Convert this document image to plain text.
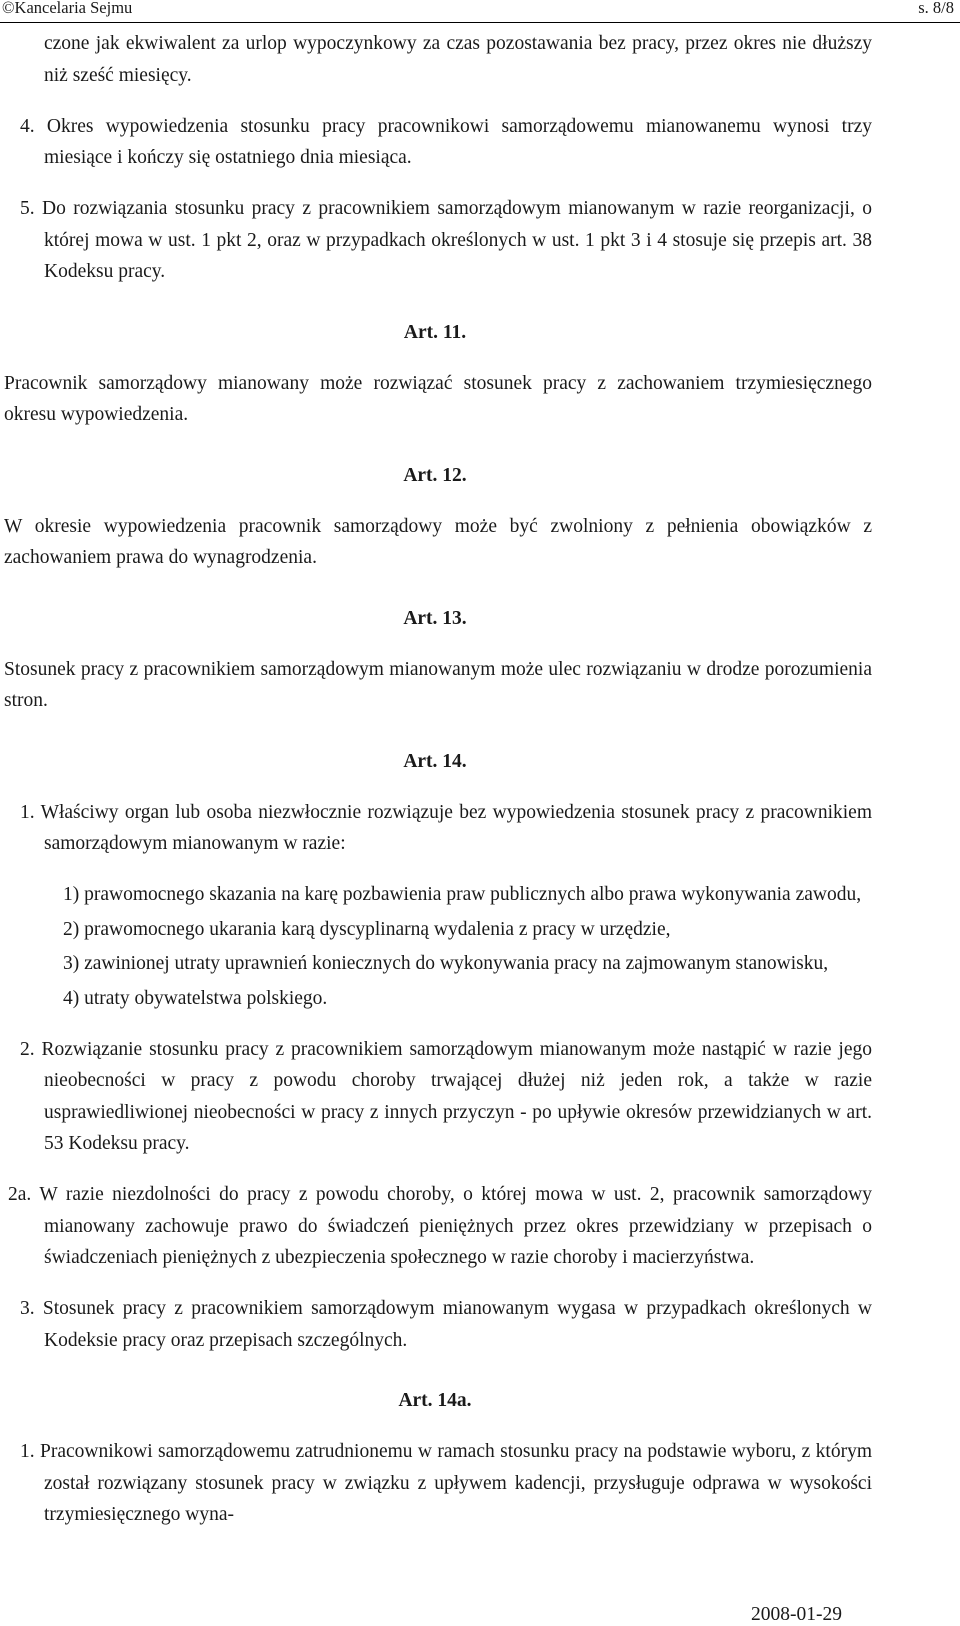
©Kancelaria Sejmu	s. 8/8

czone jak ekwiwalent za urlop wypoczynkowy za czas pozostawania bez pracy, przez okres nie dłuższy niż sześć miesięcy.

4. Okres wypowiedzenia stosunku pracy pracownikowi samorządowemu mianowanemu wynosi trzy miesiące i kończy się ostatniego dnia miesiąca.

5. Do rozwiązania stosunku pracy z pracownikiem samorządowym mianowanym w razie reorganizacji, o której mowa w ust. 1 pkt 2, oraz w przypadkach określonych w ust. 1 pkt 3 i 4 stosuje się przepis art. 38 Kodeksu pracy.

Art. 11.

Pracownik samorządowy mianowany może rozwiązać stosunek pracy z zachowaniem trzymiesięcznego okresu wypowiedzenia.

Art. 12.

W okresie wypowiedzenia pracownik samorządowy może być zwolniony z pełnienia obowiązków z zachowaniem prawa do wynagrodzenia.

Art. 13.

Stosunek pracy z pracownikiem samorządowym mianowanym może ulec rozwiązaniu w drodze porozumienia stron.

Art. 14.

1. Właściwy organ lub osoba niezwłocznie rozwiązuje bez wypowiedzenia stosunek pracy z pracownikiem samorządowym mianowanym w razie:

1) prawomocnego skazania na karę pozbawienia praw publicznych albo prawa wykonywania zawodu,

2) prawomocnego ukarania karą dyscyplinarną wydalenia z pracy w urzędzie,

3) zawinionej utraty uprawnień koniecznych do wykonywania pracy na zajmowanym stanowisku,

4) utraty obywatelstwa polskiego.

2. Rozwiązanie stosunku pracy z pracownikiem samorządowym mianowanym może nastąpić w razie jego nieobecności w pracy z powodu choroby trwającej dłużej niż jeden rok, a także w razie usprawiedliwionej nieobecności w pracy z innych przyczyn - po upływie okresów przewidzianych w art. 53 Kodeksu pracy.

2a. W razie niezdolności do pracy z powodu choroby, o której mowa w ust. 2, pracownik samorządowy mianowany zachowuje prawo do świadczeń pieniężnych przez okres przewidziany w przepisach o świadczeniach pieniężnych z ubezpieczenia społecznego w razie choroby i macierzyństwa.

3. Stosunek pracy z pracownikiem samorządowym mianowanym wygasa w przypadkach określonych w Kodeksie pracy oraz przepisach szczególnych.

Art. 14a.

1. Pracownikowi samorządowemu zatrudnionemu w ramach stosunku pracy na podstawie wyboru, z którym został rozwiązany stosunek pracy w związku z upływem kadencji, przysługuje odprawa w wysokości trzymiesięcznego wyna-

2008-01-29
